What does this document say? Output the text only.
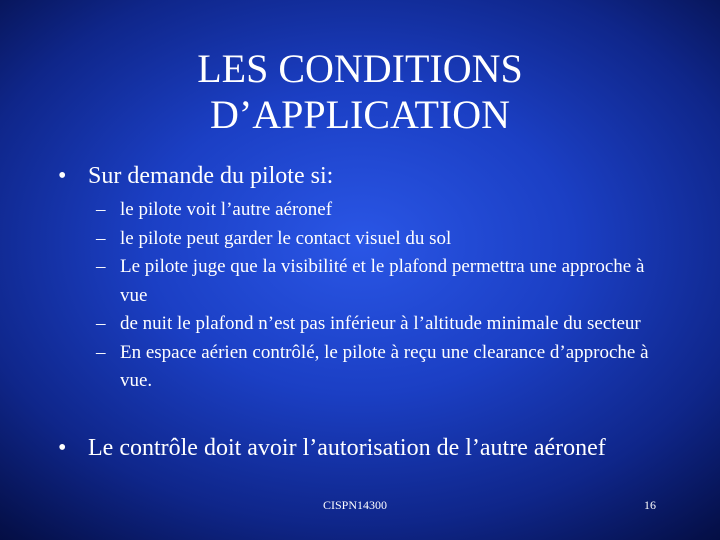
LES CONDITIONS
D’APPLICATION
• Sur demande du pilote si:
– le pilote voit l’autre aéronef
– le pilote peut garder le contact visuel du sol
– Le pilote juge que la visibilité et le plafond permettra une approche à vue
– de nuit le plafond n’est pas inférieur à l’altitude minimale du secteur
– En espace aérien contrôlé, le pilote à reçu une clearance d’approche à vue.
• Le contrôle doit avoir l’autorisation de l’autre aéronef
CISPN14300	16
